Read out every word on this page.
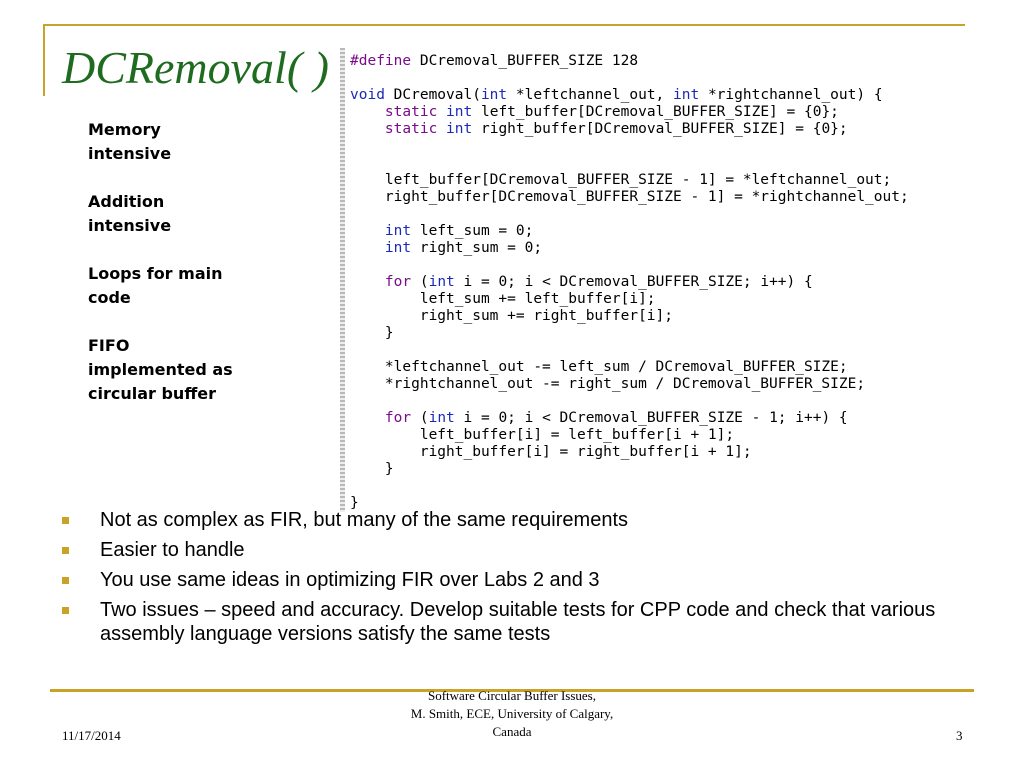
DCRemoval( )

Memory intensive

Addition intensive

Loops for main code

FIFO implemented as circular buffer

#define DCremoval_BUFFER_SIZE 128

void DCremoval(int *leftchannel_out, int *rightchannel_out) {
static int left_buffer[DCremoval_BUFFER_SIZE] = {0};
static int right_buffer[DCremoval_BUFFER_SIZE] = {0};

left_buffer[DCremoval_BUFFER_SIZE - 1] = *leftchannel_out;
right_buffer[DCremoval_BUFFER_SIZE - 1] = *rightchannel_out;

int left_sum = 0;
int right_sum = 0;

for (int i = 0; i < DCremoval_BUFFER_SIZE; i++) {
left_sum += left_buffer[i];
right_sum += right_buffer[i];
}

*leftchannel_out -= left_sum / DCremoval_BUFFER_SIZE;
*rightchannel_out -= right_sum / DCremoval_BUFFER_SIZE;

for (int i = 0; i < DCremoval_BUFFER_SIZE - 1; i++) {
left_buffer[i] = left_buffer[i + 1];
right_buffer[i] = right_buffer[i + 1];
}

}
Not as complex as FIR, but many of the same requirements
Easier to handle
You use same ideas in optimizing FIR over Labs 2 and 3
Two issues – speed and accuracy. Develop suitable tests for CPP code and check that various assembly language versions satisfy the same tests
11/17/2014
Software Circular Buffer Issues,
M. Smith, ECE, University of Calgary,
Canada	3
